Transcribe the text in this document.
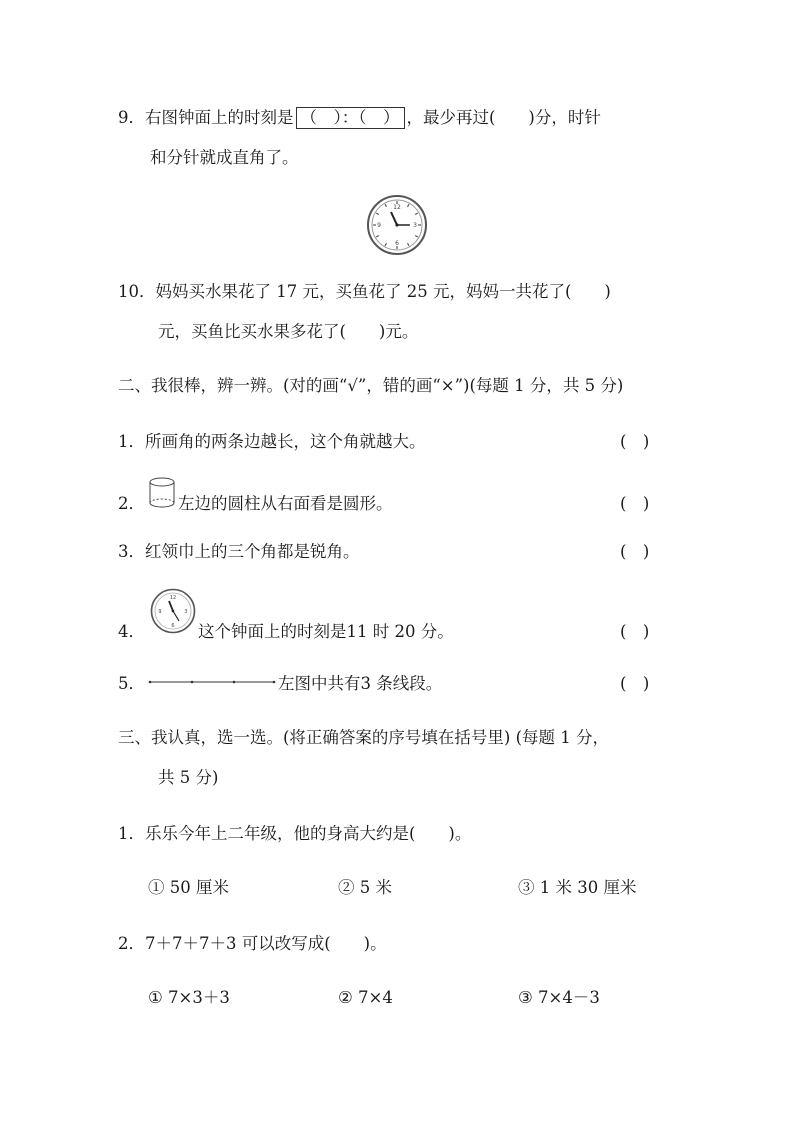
9．右图钟面上的时刻是 （　）：（　） ，最少再过(　　)分，时针
和分针就成直角了。
12
3
6
9
10．妈妈买水果花了 17 元，买鱼花了 25 元，妈妈一共花了(　　)
元，买鱼比买水果多花了(　　)元。
二、我很棒，辨一辨。(对的画“√”，错的画“×”)(每题 1 分，共 5 分)
1．所画角的两条边越长，这个角就越大。	(　)
2． 左边的圆柱从右面看是圆形。	(　)
3．红领巾上的三个角都是锐角。	(　)
4．
12
3
6
9
这个钟面上的时刻是11 时 20 分。	(　)
5．	左图中共有3 条线段。	(　)
三、我认真，选一选。(将正确答案的序号填在括号里) (每题 1 分，
共 5 分)
1．乐乐今年上二年级，他的身高大约是(　　)。
① 50 厘米	② 5 米	③ 1 米 30 厘米
2．7＋7＋7＋3 可以改写成(　　)。
① 7×3＋3	② 7×4	③ 7×4－3
